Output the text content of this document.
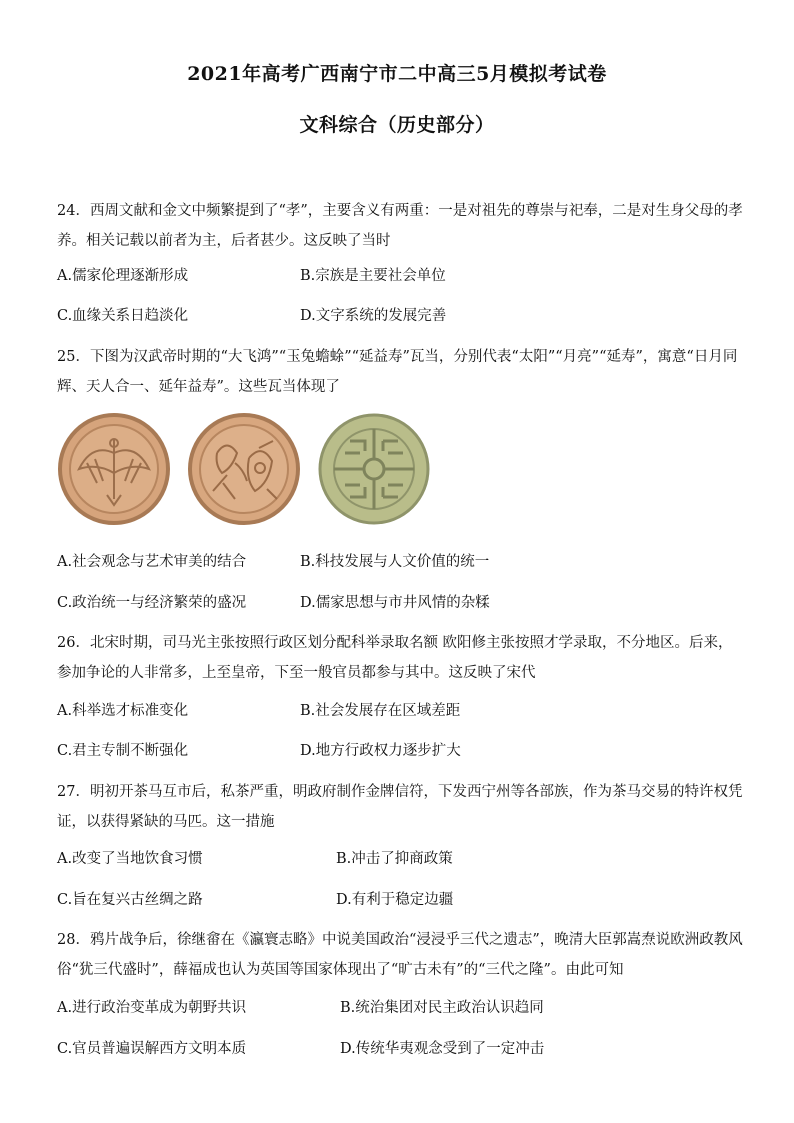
2021年高考广西南宁市二中高三5月模拟考试卷
文科综合（历史部分）
24．西周文献和金文中频繁提到了“孝”，主要含义有两重：一是对祖先的尊崇与祀奉，二是对生身父母的孝养。相关记载以前者为主，后者甚少。这反映了当时
A.儒家伦理逐渐形成	B.宗族是主要社会单位
C.血缘关系日趋淡化	D.文字系统的发展完善
25．下图为汉武帝时期的“大飞鸿”“玉兔蟾蜍”“延益寿”瓦当，分别代表“太阳”“月亮”“延寿”，寓意“日月同辉、天人合一、延年益寿”。这些瓦当体现了
A.社会观念与艺术审美的结合	B.科技发展与人文价值的统一
C.政治统一与经济繁荣的盛况	D.儒家思想与市井风情的杂糅
26．北宋时期，司马光主张按照行政区划分配科举录取名额 欧阳修主张按照才学录取，不分地区。后来，参加争论的人非常多，上至皇帝，下至一般官员都参与其中。这反映了宋代
A.科举选才标准变化	B.社会发展存在区域差距
C.君主专制不断强化	D.地方行政权力逐步扩大
27．明初开茶马互市后，私茶严重，明政府制作金牌信符，下发西宁州等各部族，作为茶马交易的特许权凭证，以获得紧缺的马匹。这一措施
A.改变了当地饮食习惯	B.冲击了抑商政策
C.旨在复兴古丝绸之路	D.有利于稳定边疆
28．鸦片战争后，徐继畲在《瀛寰志略》中说美国政治“浸浸乎三代之遗志”，晚清大臣郭嵩焘说欧洲政教风俗“犹三代盛时”，薛福成也认为英国等国家体现出了“旷古未有”的“三代之隆”。由此可知
A.进行政治变革成为朝野共识	B.统治集团对民主政治认识趋同
C.官员普遍误解西方文明本质	D.传统华夷观念受到了一定冲击
